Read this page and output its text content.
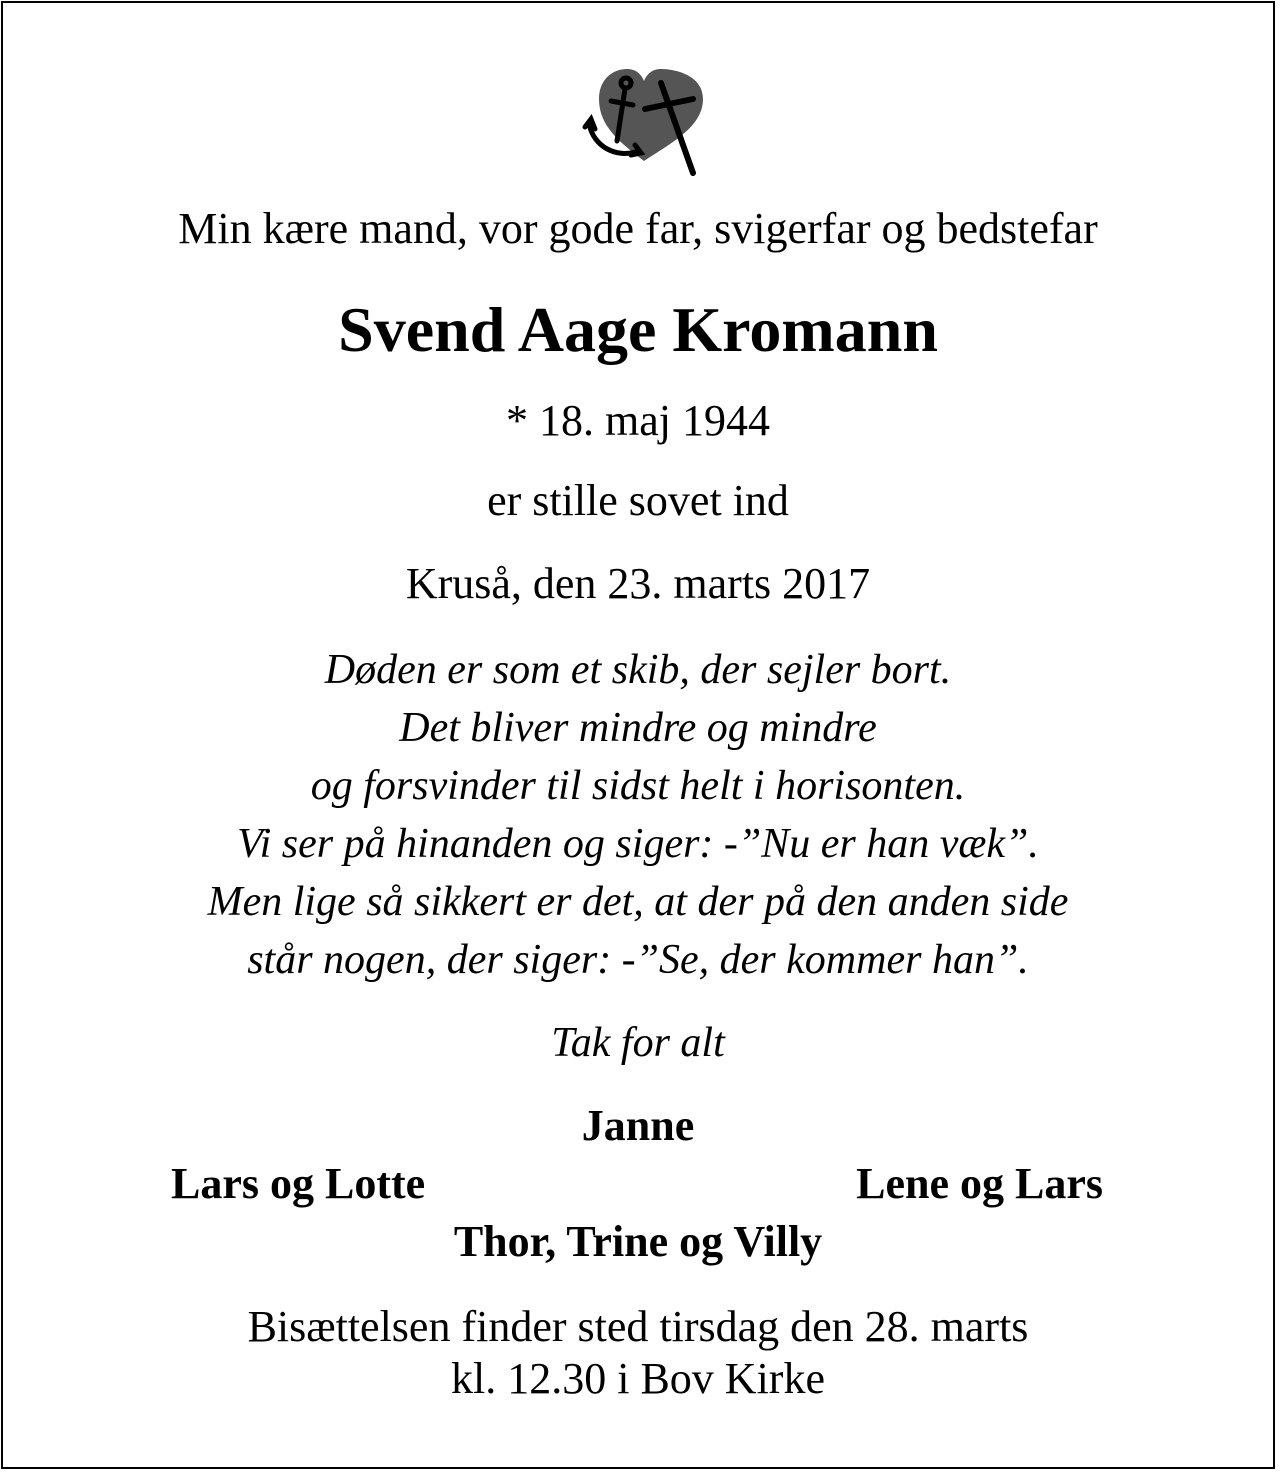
Min kære mand, vor gode far, svigerfar og bedstefar

Svend Aage Kromann

* 18. maj 1944

er stille sovet ind

Kruså, den 23. marts 2017

Døden er som et skib, der sejler bort.
Det bliver mindre og mindre
og forsvinder til sidst helt i horisonten.
Vi ser på hinanden og siger: -”Nu er han væk”.
Men lige så sikkert er det, at der på den anden side
står nogen, der siger: -”Se, der kommer han”.

Tak for alt

Janne

Lars og Lotte	Lene og Lars

Thor, Trine og Villy

Bisættelsen finder sted tirsdag den 28. marts
kl. 12.30 i Bov Kirke
